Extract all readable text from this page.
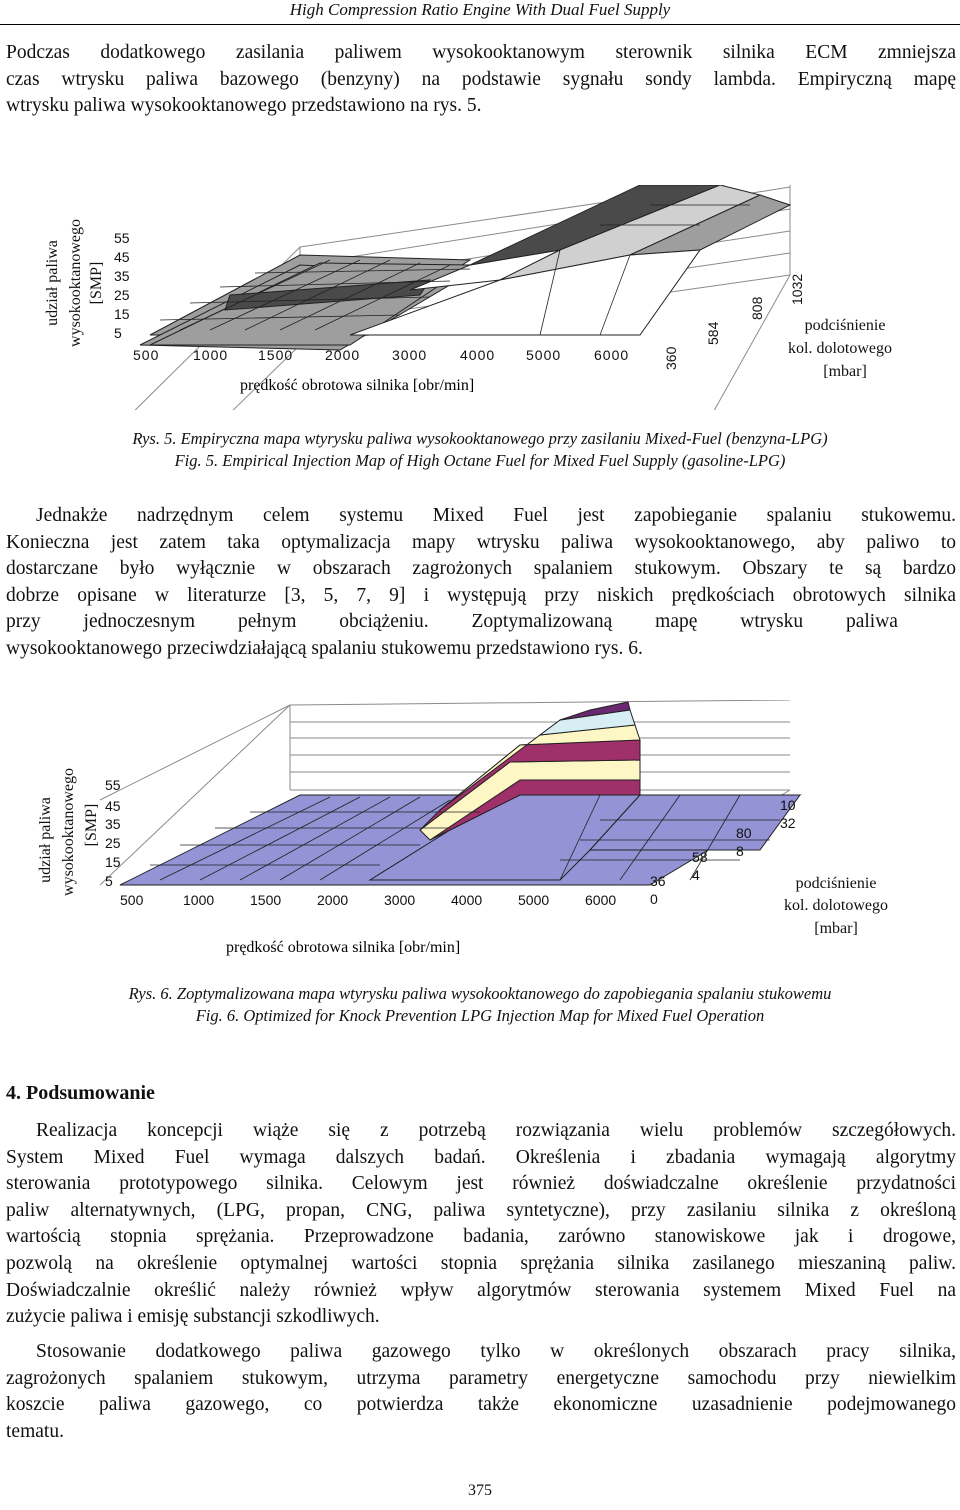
High Compression Ratio Engine With Dual Fuel Supply
Podczas dodatkowego zasilania paliwem wysokooktanowym sterownik silnika ECM zmniejsza
czas wtrysku paliwa bazowego (benzyny) na podstawie sygnału sondy lambda. Empiryczną mapę
wtrysku paliwa wysokooktanowego przedstawiono na rys. 5.
55
45
35
25
15
5
500 1000 1500 2000 3000 4000 5000 6000
prędkość obrotowa silnika [obr/min]
360
584
808
1032
podciśnienie
kol. dolotowego
[mbar]
udział paliwa wysokooktanowego [SMP]
Rys. 5. Empiryczna mapa wtyrysku paliwa wysokooktanowego przy zasilaniu Mixed-Fuel (benzyna-LPG)
Fig. 5. Empirical Injection Map of High Octane Fuel for Mixed Fuel Supply (gasoline-LPG)
Jednakże nadrzędnym celem systemu Mixed Fuel jest zapobieganie spalaniu stukowemu.
Konieczna jest zatem taka optymalizacja mapy wtrysku paliwa wysokooktanowego, aby paliwo to
dostarczane było wyłącznie w obszarach zagrożonych spalaniem stukowym. Obszary te są bardzo
dobrze opisane w literaturze [3, 5, 7, 9] i występują przy niskich prędkościach obrotowych silnika
przy jednoczesnym pełnym obciążeniu. Zoptymalizowaną mapę wtrysku paliwa
wysokooktanowego przeciwdziałającą spalaniu stukowemu przedstawiono rys. 6.
55
45
35
25
15
5
500	1000	1500	2000	3000	4000	5000	6000
prędkość obrotowa silnika [obr/min]
36
0
58
4
80
8
10
32
podciśnienie
kol. dolotowego
[mbar]
udział paliwa wysokooktanowego [SMP]
Rys. 6. Zoptymalizowana mapa wtyrysku paliwa wysokooktanowego do zapobiegania spalaniu stukowemu
Fig. 6. Optimized for Knock Prevention LPG Injection Map for Mixed Fuel Operation
4. Podsumowanie
Realizacja koncepcji wiąże się z potrzebą rozwiązania wielu problemów szczegółowych.
System Mixed Fuel wymaga dalszych badań. Określenia i zbadania wymagają algorytmy
sterowania prototypowego silnika. Celowym jest również doświadczalne określenie przydatności
paliw alternatywnych, (LPG, propan, CNG, paliwa syntetyczne), przy zasilaniu silnika z określoną
wartością stopnia sprężania. Przeprowadzone badania, zarówno stanowiskowe jak i drogowe,
pozwolą na określenie optymalnej wartości stopnia sprężania silnika zasilanego mieszaniną paliw.
Doświadczalnie określić należy również wpływ algorytmów sterowania systemem Mixed Fuel na
zużycie paliwa i emisję substancji szkodliwych.
Stosowanie dodatkowego paliwa gazowego tylko w określonych obszarach pracy silnika,
zagrożonych spalaniem stukowym, utrzyma parametry energetyczne samochodu przy niewielkim
koszcie paliwa gazowego, co potwierdza także ekonomiczne uzasadnienie podejmowanego
tematu.
375
